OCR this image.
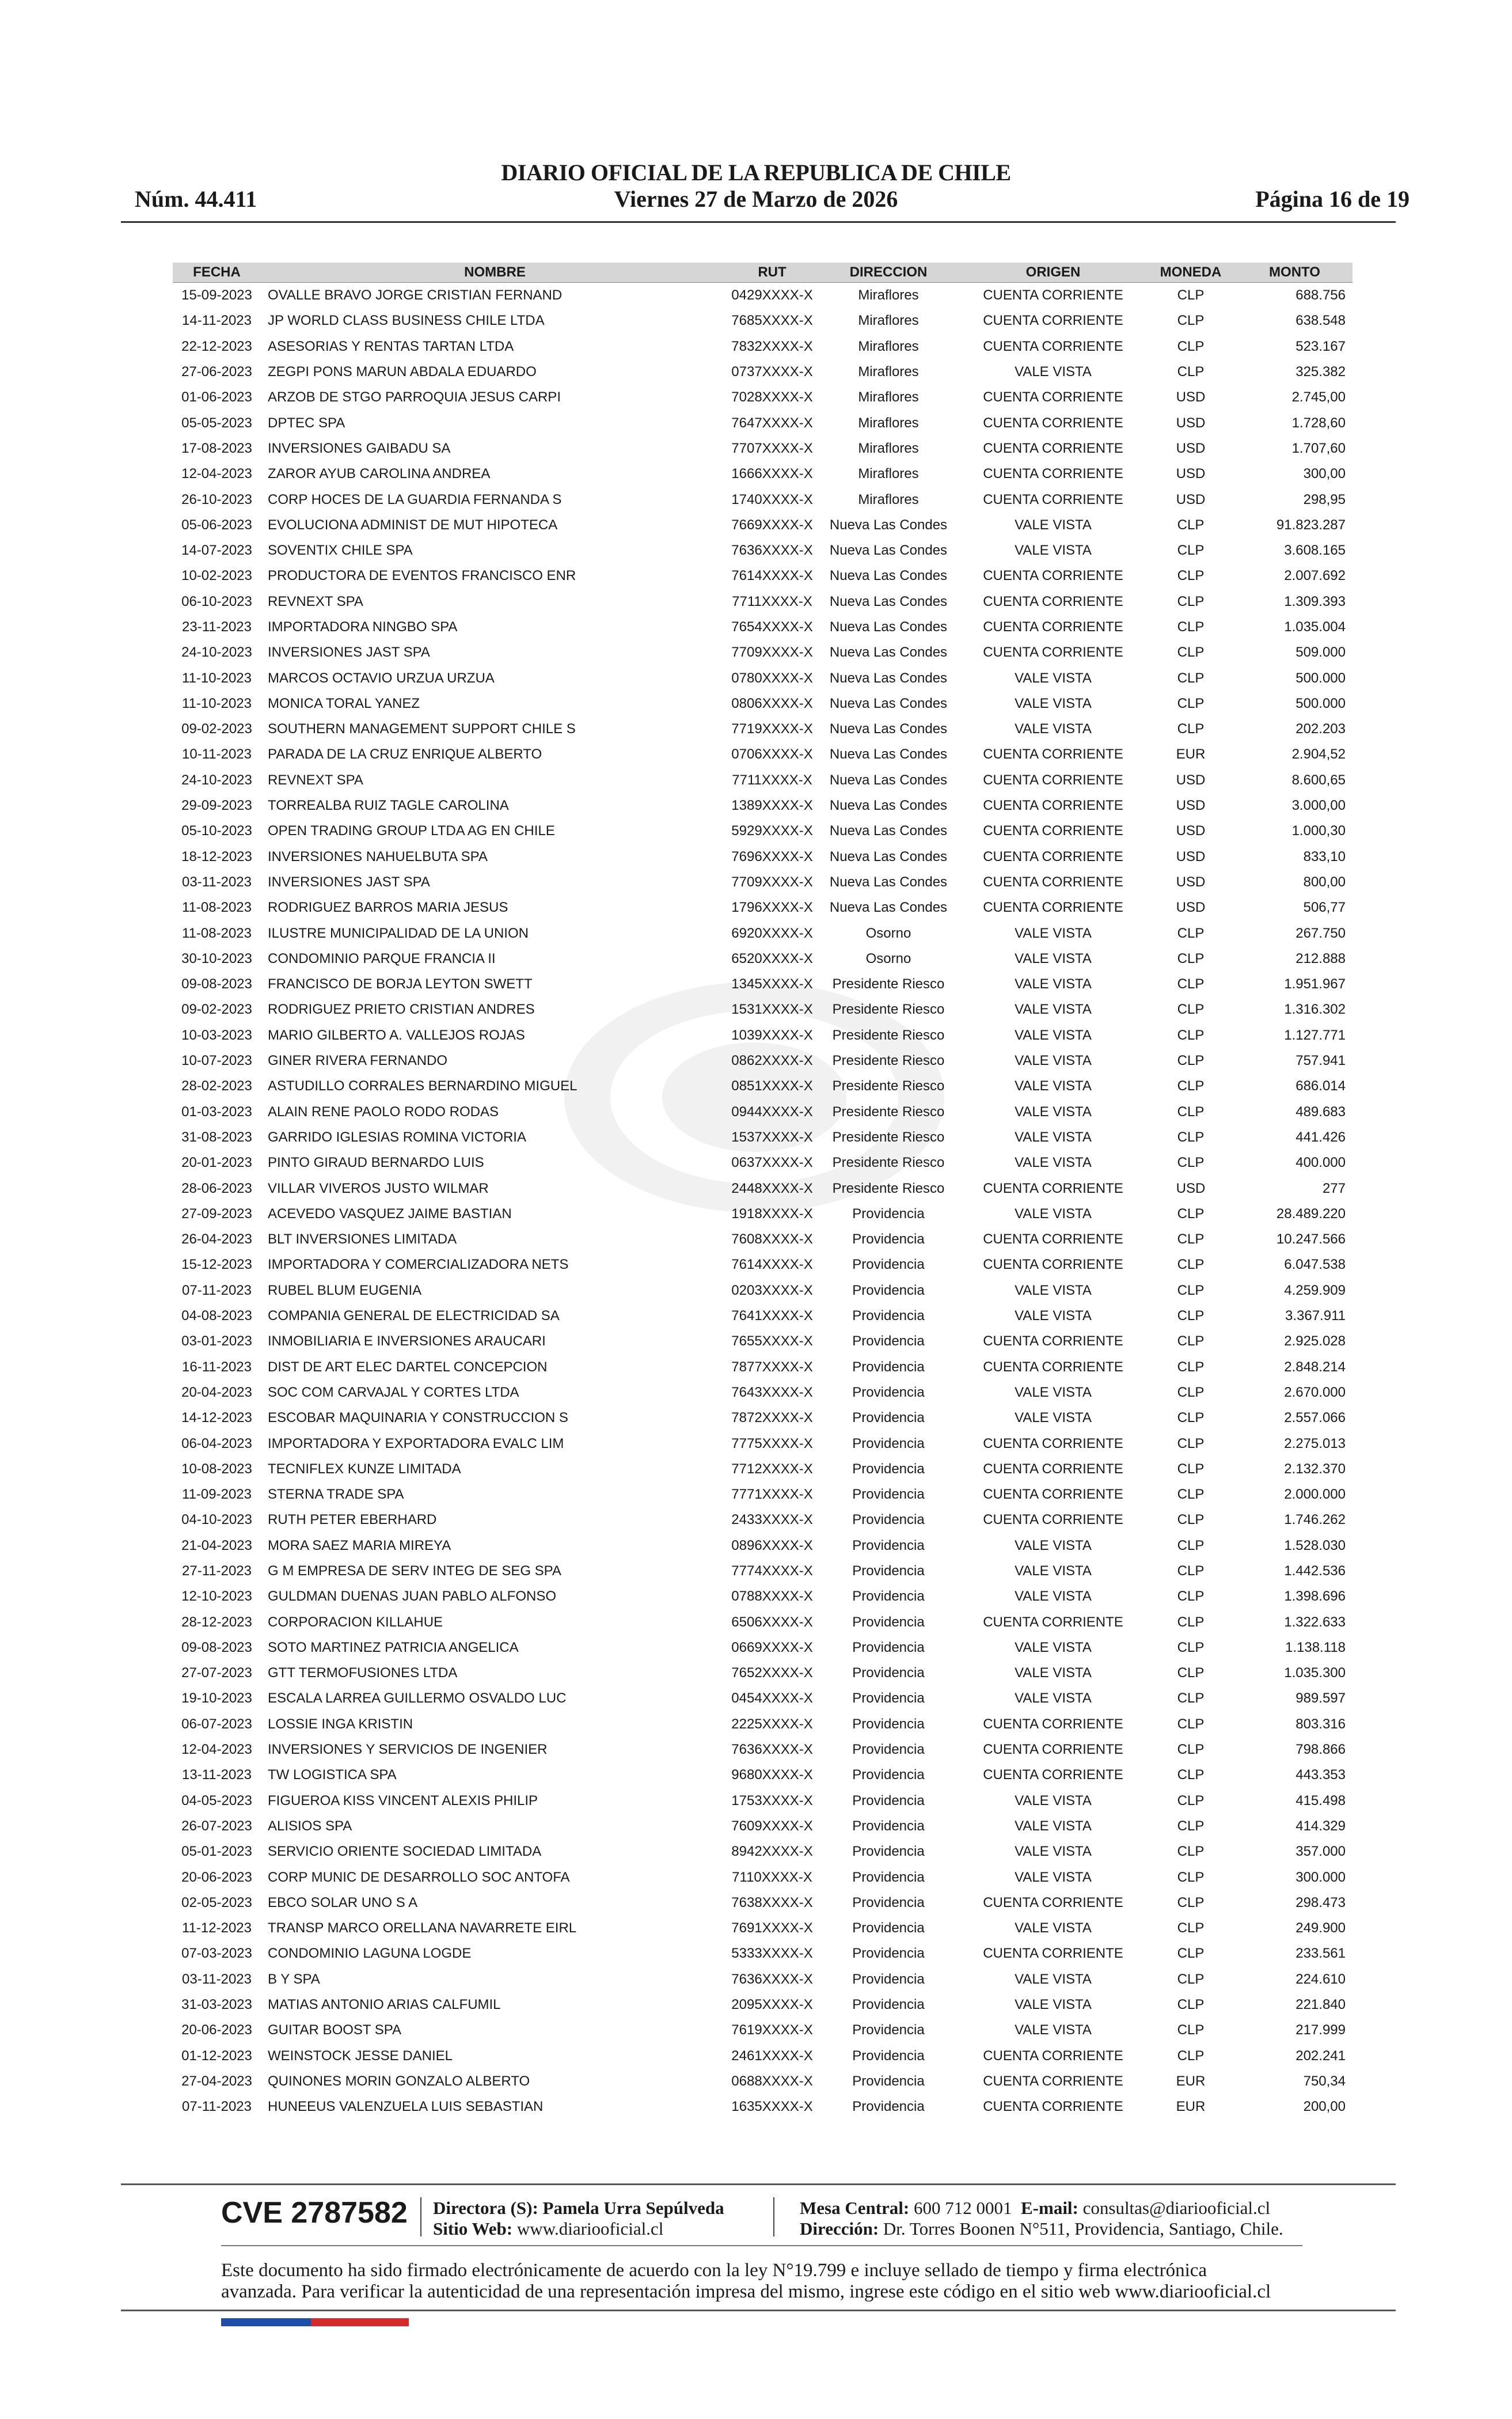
DIARIO OFICIAL DE LA REPUBLICA DE CHILE
Núm. 44.411	Viernes 27 de Marzo de 2026	Página 16 de 19
FECHA	NOMBRE	RUT	DIRECCION	ORIGEN	MONEDA	MONTO
15-09-2023	OVALLE BRAVO JORGE CRISTIAN FERNAND	0429XXXX-X	Miraflores	CUENTA CORRIENTE	CLP	688.756
14-11-2023	JP WORLD CLASS BUSINESS CHILE LTDA	7685XXXX-X	Miraflores	CUENTA CORRIENTE	CLP	638.548
22-12-2023	ASESORIAS Y RENTAS TARTAN LTDA	7832XXXX-X	Miraflores	CUENTA CORRIENTE	CLP	523.167
27-06-2023	ZEGPI PONS MARUN ABDALA EDUARDO	0737XXXX-X	Miraflores	VALE VISTA	CLP	325.382
01-06-2023	ARZOB DE STGO PARROQUIA JESUS CARPI	7028XXXX-X	Miraflores	CUENTA CORRIENTE	USD	2.745,00
05-05-2023	DPTEC SPA	7647XXXX-X	Miraflores	CUENTA CORRIENTE	USD	1.728,60
17-08-2023	INVERSIONES GAIBADU SA	7707XXXX-X	Miraflores	CUENTA CORRIENTE	USD	1.707,60
12-04-2023	ZAROR AYUB CAROLINA ANDREA	1666XXXX-X	Miraflores	CUENTA CORRIENTE	USD	300,00
26-10-2023	CORP HOCES DE LA GUARDIA FERNANDA S	1740XXXX-X	Miraflores	CUENTA CORRIENTE	USD	298,95
05-06-2023	EVOLUCIONA ADMINIST DE MUT HIPOTECA	7669XXXX-X	Nueva Las Condes	VALE VISTA	CLP	91.823.287
14-07-2023	SOVENTIX CHILE SPA	7636XXXX-X	Nueva Las Condes	VALE VISTA	CLP	3.608.165
10-02-2023	PRODUCTORA DE EVENTOS FRANCISCO ENR	7614XXXX-X	Nueva Las Condes	CUENTA CORRIENTE	CLP	2.007.692
06-10-2023	REVNEXT SPA	7711XXXX-X	Nueva Las Condes	CUENTA CORRIENTE	CLP	1.309.393
23-11-2023	IMPORTADORA NINGBO SPA	7654XXXX-X	Nueva Las Condes	CUENTA CORRIENTE	CLP	1.035.004
24-10-2023	INVERSIONES JAST SPA	7709XXXX-X	Nueva Las Condes	CUENTA CORRIENTE	CLP	509.000
11-10-2023	MARCOS OCTAVIO URZUA URZUA	0780XXXX-X	Nueva Las Condes	VALE VISTA	CLP	500.000
11-10-2023	MONICA TORAL YANEZ	0806XXXX-X	Nueva Las Condes	VALE VISTA	CLP	500.000
09-02-2023	SOUTHERN MANAGEMENT SUPPORT CHILE S	7719XXXX-X	Nueva Las Condes	VALE VISTA	CLP	202.203
10-11-2023	PARADA DE LA CRUZ ENRIQUE ALBERTO	0706XXXX-X	Nueva Las Condes	CUENTA CORRIENTE	EUR	2.904,52
24-10-2023	REVNEXT SPA	7711XXXX-X	Nueva Las Condes	CUENTA CORRIENTE	USD	8.600,65
29-09-2023	TORREALBA RUIZ TAGLE CAROLINA	1389XXXX-X	Nueva Las Condes	CUENTA CORRIENTE	USD	3.000,00
05-10-2023	OPEN TRADING GROUP LTDA AG EN CHILE	5929XXXX-X	Nueva Las Condes	CUENTA CORRIENTE	USD	1.000,30
18-12-2023	INVERSIONES NAHUELBUTA SPA	7696XXXX-X	Nueva Las Condes	CUENTA CORRIENTE	USD	833,10
03-11-2023	INVERSIONES JAST SPA	7709XXXX-X	Nueva Las Condes	CUENTA CORRIENTE	USD	800,00
11-08-2023	RODRIGUEZ BARROS MARIA JESUS	1796XXXX-X	Nueva Las Condes	CUENTA CORRIENTE	USD	506,77
11-08-2023	ILUSTRE MUNICIPALIDAD DE LA UNION	6920XXXX-X	Osorno	VALE VISTA	CLP	267.750
30-10-2023	CONDOMINIO PARQUE FRANCIA II	6520XXXX-X	Osorno	VALE VISTA	CLP	212.888
09-08-2023	FRANCISCO DE BORJA LEYTON SWETT	1345XXXX-X	Presidente Riesco	VALE VISTA	CLP	1.951.967
09-02-2023	RODRIGUEZ PRIETO CRISTIAN ANDRES	1531XXXX-X	Presidente Riesco	VALE VISTA	CLP	1.316.302
10-03-2023	MARIO GILBERTO A. VALLEJOS ROJAS	1039XXXX-X	Presidente Riesco	VALE VISTA	CLP	1.127.771
10-07-2023	GINER RIVERA FERNANDO	0862XXXX-X	Presidente Riesco	VALE VISTA	CLP	757.941
28-02-2023	ASTUDILLO CORRALES BERNARDINO MIGUEL	0851XXXX-X	Presidente Riesco	VALE VISTA	CLP	686.014
01-03-2023	ALAIN RENE PAOLO RODO RODAS	0944XXXX-X	Presidente Riesco	VALE VISTA	CLP	489.683
31-08-2023	GARRIDO IGLESIAS ROMINA VICTORIA	1537XXXX-X	Presidente Riesco	VALE VISTA	CLP	441.426
20-01-2023	PINTO GIRAUD BERNARDO LUIS	0637XXXX-X	Presidente Riesco	VALE VISTA	CLP	400.000
28-06-2023	VILLAR VIVEROS JUSTO WILMAR	2448XXXX-X	Presidente Riesco	CUENTA CORRIENTE	USD	277
27-09-2023	ACEVEDO VASQUEZ JAIME BASTIAN	1918XXXX-X	Providencia	VALE VISTA	CLP	28.489.220
26-04-2023	BLT INVERSIONES LIMITADA	7608XXXX-X	Providencia	CUENTA CORRIENTE	CLP	10.247.566
15-12-2023	IMPORTADORA Y COMERCIALIZADORA NETS	7614XXXX-X	Providencia	CUENTA CORRIENTE	CLP	6.047.538
07-11-2023	RUBEL BLUM EUGENIA	0203XXXX-X	Providencia	VALE VISTA	CLP	4.259.909
04-08-2023	COMPANIA GENERAL DE ELECTRICIDAD SA	7641XXXX-X	Providencia	VALE VISTA	CLP	3.367.911
03-01-2023	INMOBILIARIA E INVERSIONES ARAUCARI	7655XXXX-X	Providencia	CUENTA CORRIENTE	CLP	2.925.028
16-11-2023	DIST DE ART ELEC DARTEL CONCEPCION	7877XXXX-X	Providencia	CUENTA CORRIENTE	CLP	2.848.214
20-04-2023	SOC COM CARVAJAL Y CORTES LTDA	7643XXXX-X	Providencia	VALE VISTA	CLP	2.670.000
14-12-2023	ESCOBAR MAQUINARIA Y CONSTRUCCION S	7872XXXX-X	Providencia	VALE VISTA	CLP	2.557.066
06-04-2023	IMPORTADORA Y EXPORTADORA EVALC LIM	7775XXXX-X	Providencia	CUENTA CORRIENTE	CLP	2.275.013
10-08-2023	TECNIFLEX KUNZE LIMITADA	7712XXXX-X	Providencia	CUENTA CORRIENTE	CLP	2.132.370
11-09-2023	STERNA TRADE SPA	7771XXXX-X	Providencia	CUENTA CORRIENTE	CLP	2.000.000
04-10-2023	RUTH PETER EBERHARD	2433XXXX-X	Providencia	CUENTA CORRIENTE	CLP	1.746.262
21-04-2023	MORA SAEZ MARIA MIREYA	0896XXXX-X	Providencia	VALE VISTA	CLP	1.528.030
27-11-2023	G M EMPRESA DE SERV INTEG DE SEG SPA	7774XXXX-X	Providencia	VALE VISTA	CLP	1.442.536
12-10-2023	GULDMAN DUENAS JUAN PABLO ALFONSO	0788XXXX-X	Providencia	VALE VISTA	CLP	1.398.696
28-12-2023	CORPORACION KILLAHUE	6506XXXX-X	Providencia	CUENTA CORRIENTE	CLP	1.322.633
09-08-2023	SOTO MARTINEZ PATRICIA ANGELICA	0669XXXX-X	Providencia	VALE VISTA	CLP	1.138.118
27-07-2023	GTT TERMOFUSIONES LTDA	7652XXXX-X	Providencia	VALE VISTA	CLP	1.035.300
19-10-2023	ESCALA LARREA GUILLERMO OSVALDO LUC	0454XXXX-X	Providencia	VALE VISTA	CLP	989.597
06-07-2023	LOSSIE INGA KRISTIN	2225XXXX-X	Providencia	CUENTA CORRIENTE	CLP	803.316
12-04-2023	INVERSIONES Y SERVICIOS DE INGENIER	7636XXXX-X	Providencia	CUENTA CORRIENTE	CLP	798.866
13-11-2023	TW LOGISTICA SPA	9680XXXX-X	Providencia	CUENTA CORRIENTE	CLP	443.353
04-05-2023	FIGUEROA KISS VINCENT ALEXIS PHILIP	1753XXXX-X	Providencia	VALE VISTA	CLP	415.498
26-07-2023	ALISIOS SPA	7609XXXX-X	Providencia	VALE VISTA	CLP	414.329
05-01-2023	SERVICIO ORIENTE SOCIEDAD LIMITADA	8942XXXX-X	Providencia	VALE VISTA	CLP	357.000
20-06-2023	CORP MUNIC DE DESARROLLO SOC ANTOFA	7110XXXX-X	Providencia	VALE VISTA	CLP	300.000
02-05-2023	EBCO SOLAR UNO S A	7638XXXX-X	Providencia	CUENTA CORRIENTE	CLP	298.473
11-12-2023	TRANSP MARCO ORELLANA NAVARRETE EIRL	7691XXXX-X	Providencia	VALE VISTA	CLP	249.900
07-03-2023	CONDOMINIO LAGUNA LOGDE	5333XXXX-X	Providencia	CUENTA CORRIENTE	CLP	233.561
03-11-2023	B Y SPA	7636XXXX-X	Providencia	VALE VISTA	CLP	224.610
31-03-2023	MATIAS ANTONIO ARIAS CALFUMIL	2095XXXX-X	Providencia	VALE VISTA	CLP	221.840
20-06-2023	GUITAR BOOST SPA	7619XXXX-X	Providencia	VALE VISTA	CLP	217.999
01-12-2023	WEINSTOCK JESSE DANIEL	2461XXXX-X	Providencia	CUENTA CORRIENTE	CLP	202.241
27-04-2023	QUINONES MORIN GONZALO ALBERTO	0688XXXX-X	Providencia	CUENTA CORRIENTE	EUR	750,34
07-11-2023	HUNEEUS VALENZUELA LUIS SEBASTIAN	1635XXXX-X	Providencia	CUENTA CORRIENTE	EUR	200,00
CVE 2787582 Directora (S): Pamela Urra Sepúlveda
Sitio Web: www.diariooficial.cl
Mesa Central: 600 712 0001 E-mail: consultas@diariooficial.cl
Dirección: Dr. Torres Boonen N°511, Providencia, Santiago, Chile.
Este documento ha sido firmado electrónicamente de acuerdo con la ley N°19.799 e incluye sellado de tiempo y firma electrónica
avanzada. Para verificar la autenticidad de una representación impresa del mismo, ingrese este código en el sitio web www.diariooficial.cl
